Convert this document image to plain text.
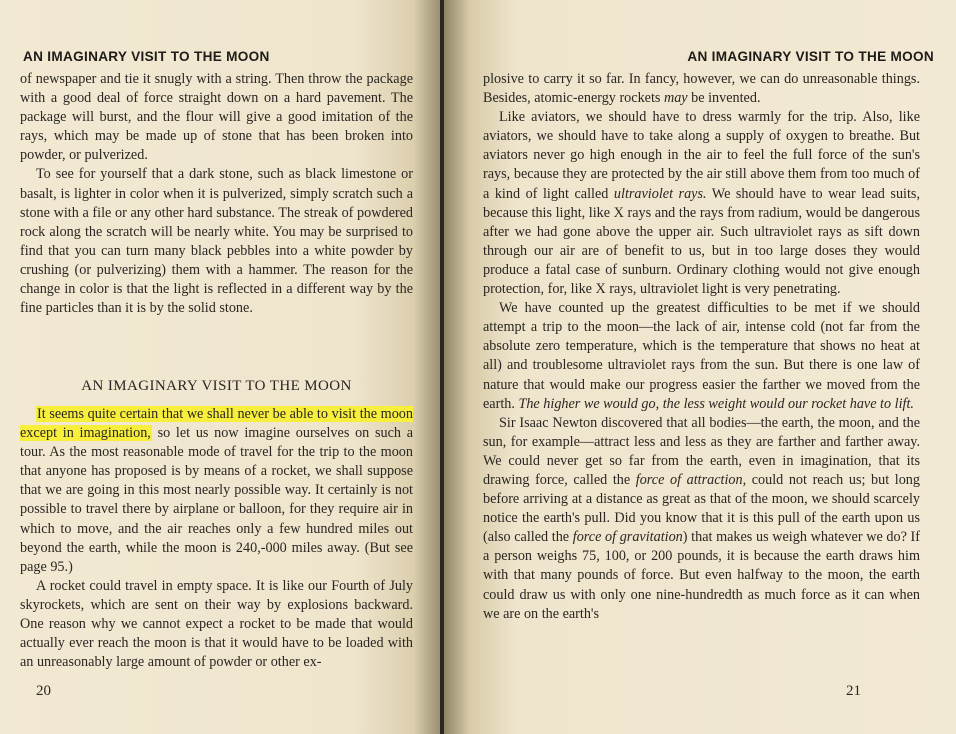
AN IMAGINARY VISIT TO THE MOON

of newspaper and tie it snugly with a string. Then throw the package with a good deal of force straight down on a hard pavement. The package will burst, and the flour will give a good imitation of the rays, which may be made up of stone that has been broken into powder, or pulverized.

To see for yourself that a dark stone, such as black limestone or basalt, is lighter in color when it is pulverized, simply scratch such a stone with a file or any other hard substance. The streak of powdered rock along the scratch will be nearly white. You may be surprised to find that you can turn many black pebbles into a white powder by crushing (or pulverizing) them with a hammer. The reason for the change in color is that the light is reflected in a different way by the fine particles than it is by the solid stone.

AN IMAGINARY VISIT TO THE MOON

It seems quite certain that we shall never be able to visit the moon except in imagination, so let us now imagine ourselves on such a tour. As the most reasonable mode of travel for the trip to the moon that anyone has proposed is by means of a rocket, we shall suppose that we are going in this most nearly possible way. It certainly is not possible to travel there by airplane or balloon, for they require air in which to move, and the air reaches only a few hundred miles out beyond the earth, while the moon is 240,-000 miles away. (But see page 95.)

A rocket could travel in empty space. It is like our Fourth of July skyrockets, which are sent on their way by explosions backward. One reason why we cannot expect a rocket to be made that would actually ever reach the moon is that it would have to be loaded with an unreasonably large amount of powder or other ex-

20
AN IMAGINARY VISIT TO THE MOON

plosive to carry it so far. In fancy, however, we can do unreasonable things. Besides, atomic-energy rockets may be invented.

Like aviators, we should have to dress warmly for the trip. Also, like aviators, we should have to take along a supply of oxygen to breathe. But aviators never go high enough in the air to feel the full force of the sun's rays, because they are protected by the air still above them from too much of a kind of light called ultraviolet rays. We should have to wear lead suits, because this light, like X rays and the rays from radium, would be dangerous after we had gone above the upper air. Such ultraviolet rays as sift down through our air are of benefit to us, but in too large doses they would produce a fatal case of sunburn. Ordinary clothing would not give enough protection, for, like X rays, ultraviolet light is very penetrating.

We have counted up the greatest difficulties to be met if we should attempt a trip to the moon—the lack of air, intense cold (not far from the absolute zero temperature, which is the temperature that shows no heat at all) and troublesome ultraviolet rays from the sun. But there is one law of nature that would make our progress easier the farther we moved from the earth. The higher we would go, the less weight would our rocket have to lift.

Sir Isaac Newton discovered that all bodies—the earth, the moon, and the sun, for example—attract less and less as they are farther and farther away. We could never get so far from the earth, even in imagination, that its drawing force, called the force of attraction, could not reach us; but long before arriving at a distance as great as that of the moon, we should scarcely notice the earth's pull. Did you know that it is this pull of the earth upon us (also called the force of gravitation) that makes us weigh whatever we do? If a person weighs 75, 100, or 200 pounds, it is because the earth draws him with that many pounds of force. But even halfway to the moon, the earth could draw us with only one nine-hundredth as much force as it can when we are on the earth's

21
